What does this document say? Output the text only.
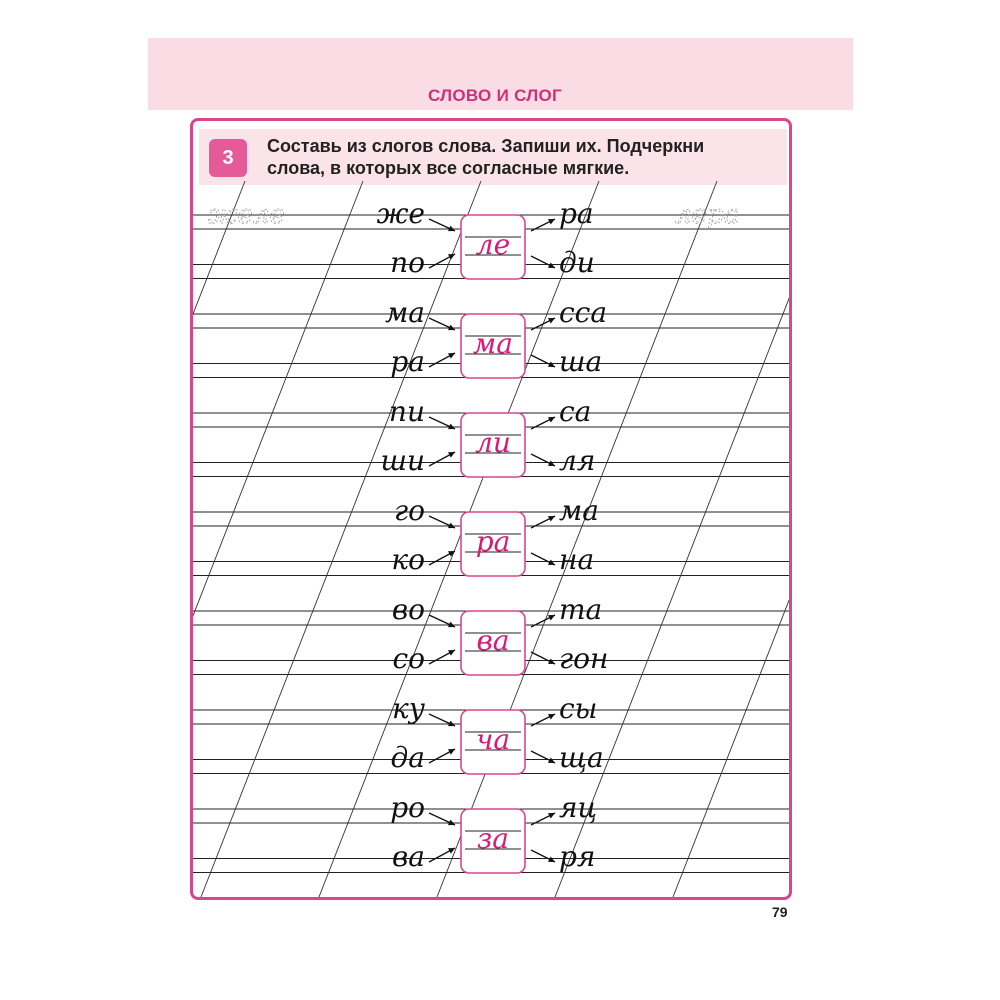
СЛОВО И СЛОГ
3
Составь из слогов слова. Запиши их. Подчеркни
слова, в которых все согласные мягкие.
желе	лера
же
по
ле
ра
ди
ма
ра
ма
сса
ша
пи
ши
ли
са
ля
го
ко
ра
ма
на
во
со
ва
та
гон
ку
да
ча
сы
ща
ро
ва
за
яц
ря
79
